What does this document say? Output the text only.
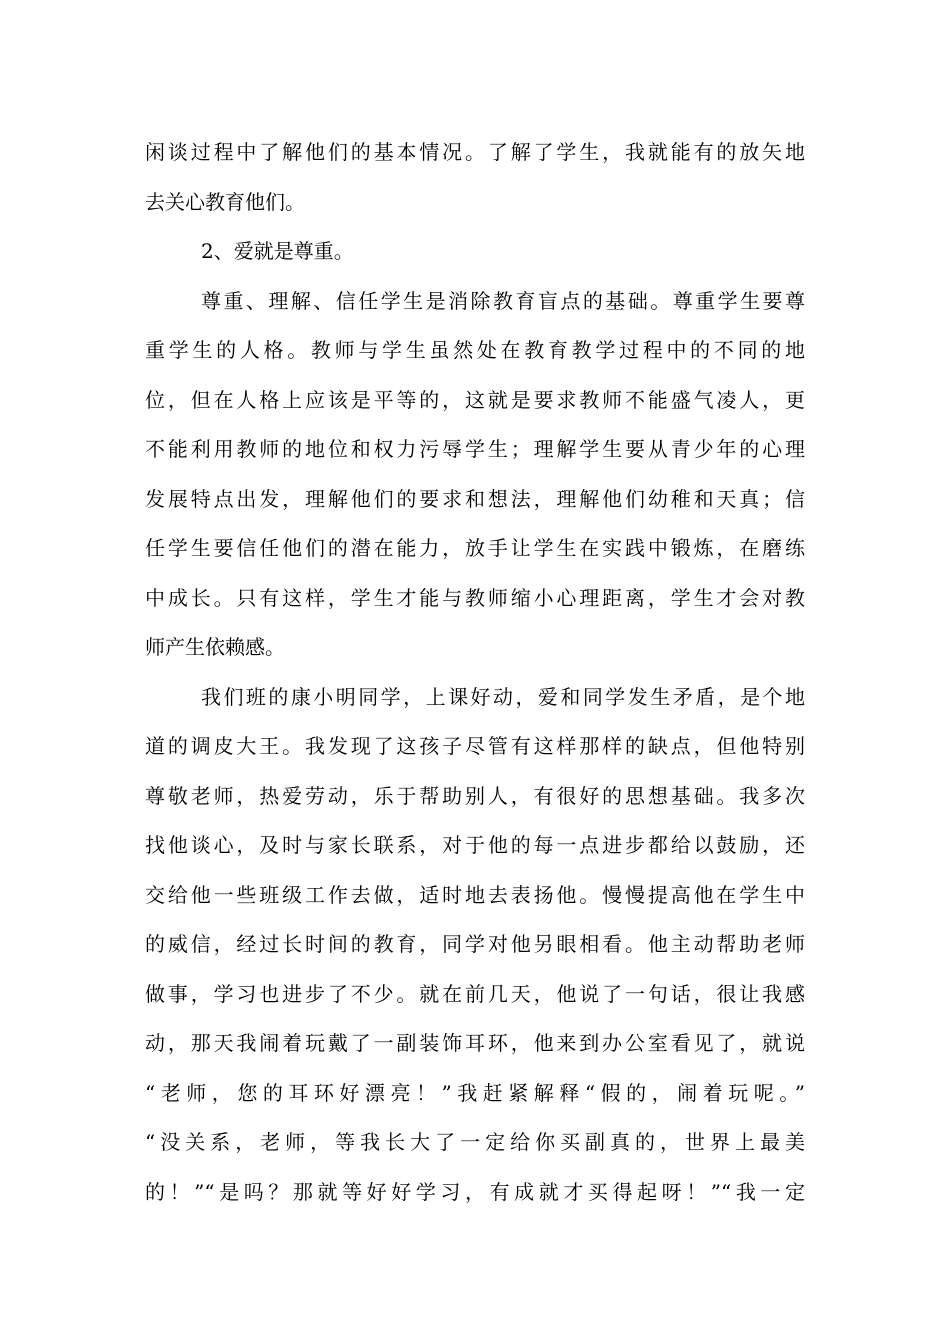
闲谈过程中了解他们的基本情况。了解了学生，我就能有的放矢地
去关心教育他们。
2、爱就是尊重。
尊重、理解、信任学生是消除教育盲点的基础。尊重学生要尊
重学生的人格。教师与学生虽然处在教育教学过程中的不同的地
位，但在人格上应该是平等的，这就是要求教师不能盛气凌人，更
不能利用教师的地位和权力污辱学生；理解学生要从青少年的心理
发展特点出发，理解他们的要求和想法，理解他们幼稚和天真；信
任学生要信任他们的潜在能力，放手让学生在实践中锻炼，在磨练
中成长。只有这样，学生才能与教师缩小心理距离，学生才会对教
师产生依赖感。
我们班的康小明同学，上课好动，爱和同学发生矛盾，是个地
道的调皮大王。我发现了这孩子尽管有这样那样的缺点，但他特别
尊敬老师，热爱劳动，乐于帮助别人，有很好的思想基础。我多次
找他谈心，及时与家长联系，对于他的每一点进步都给以鼓励，还
交给他一些班级工作去做，适时地去表扬他。慢慢提高他在学生中
的威信，经过长时间的教育，同学对他另眼相看。他主动帮助老师
做事，学习也进步了不少。就在前几天，他说了一句话，很让我感
动，那天我闹着玩戴了一副装饰耳环，他来到办公室看见了，就说
“老师，您的耳环好漂亮！”我赶紧解释“假的，闹着玩呢。”
“没关系，老师，等我长大了一定给你买副真的，世界上最美
的！”“是吗？那就等好好学习，有成就才买得起呀！”“我一定
